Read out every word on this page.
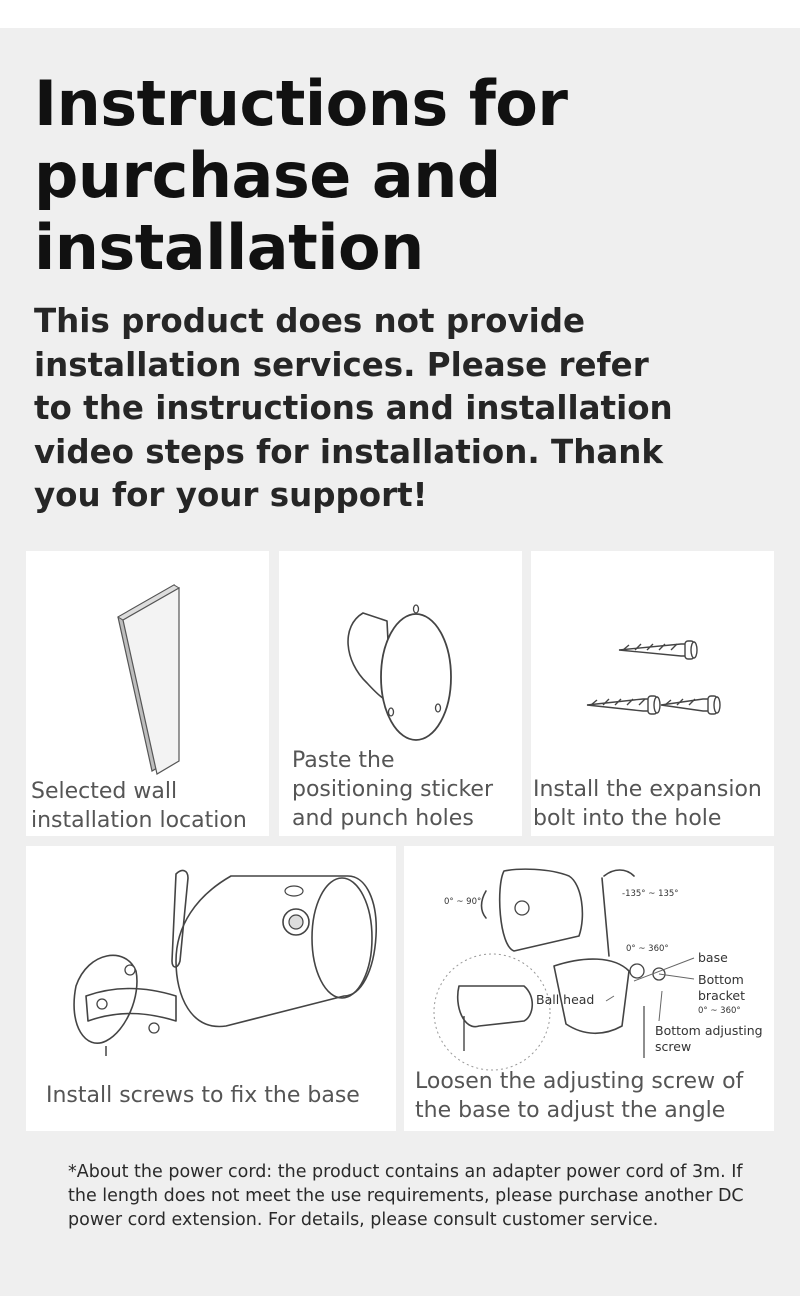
Instructions for purchase and installation

This product does not provide installation services. Please refer to the instructions and installation video steps for installation. Thank you for your support!

Selected wall installation location

Paste the positioning sticker and punch holes

Install the expansion bolt into the hole

Install screws to fix the base

0° ~ 90°
-135° ~ 135°
0° ~ 360°
0° ~ 360°
base
Bottom
bracket
Ball head
Bottom adjusting
screw

Loosen the adjusting screw of the base to adjust the angle

*About the power cord: the product contains an adapter power cord of 3m. If the length does not meet the use requirements, please purchase another DC power cord extension. For details, please consult customer service.
